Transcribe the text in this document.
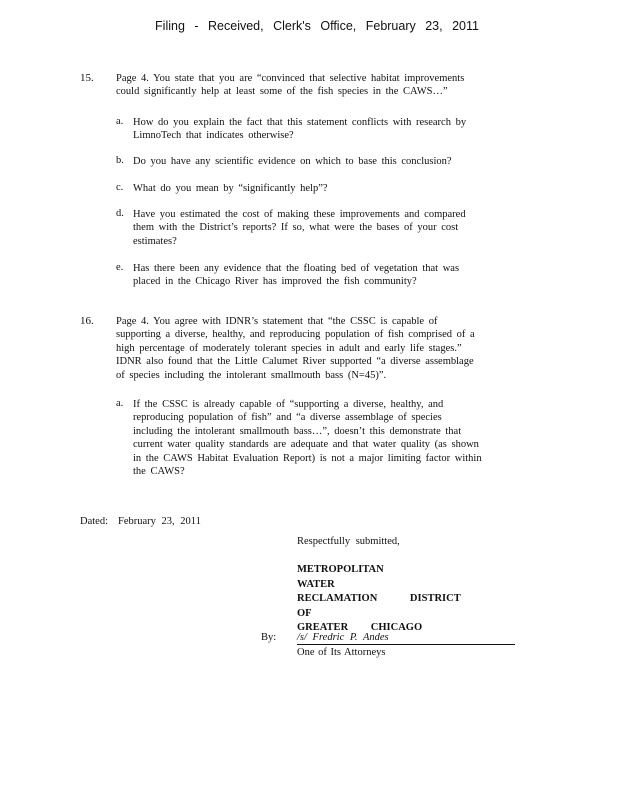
Filing - Received, Clerk's Office, February 23, 2011
15. Page 4. You state that you are “convinced that selective habitat improvements
could significantly help at least some of the fish species in the CAWS…”
a. How do you explain the fact that this statement conflicts with research by
LimnoTech that indicates otherwise?
b. Do you have any scientific evidence on which to base this conclusion?
c. What do you mean by “significantly help”?
d. Have you estimated the cost of making these improvements and compared
them with the District’s reports? If so, what were the bases of your cost
estimates?
e. Has there been any evidence that the floating bed of vegetation that was
placed in the Chicago River has improved the fish community?
16. Page 4. You agree with IDNR’s statement that “the CSSC is capable of
supporting a diverse, healthy, and reproducing population of fish comprised of a
high percentage of moderately tolerant species in adult and early life stages.”
IDNR also found that the Little Calumet River supported “a diverse assemblage
of species including the intolerant smallmouth bass (N=45)”.
a. If the CSSC is already capable of “supporting a diverse, healthy, and
reproducing population of fish” and “a diverse assemblage of species
including the intolerant smallmouth bass…”, doesn’t this demonstrate that
current water quality standards are adequate and that water quality (as shown
in the CAWS Habitat Evaluation Report) is not a major limiting factor within
the CAWS?
Dated: February 23, 2011
Respectfully submitted,
METROPOLITAN WATER
RECLAMATION DISTRICT OF
GREATER CHICAGO
By: /s/ Fredric P. Andes
One of Its Attorneys
